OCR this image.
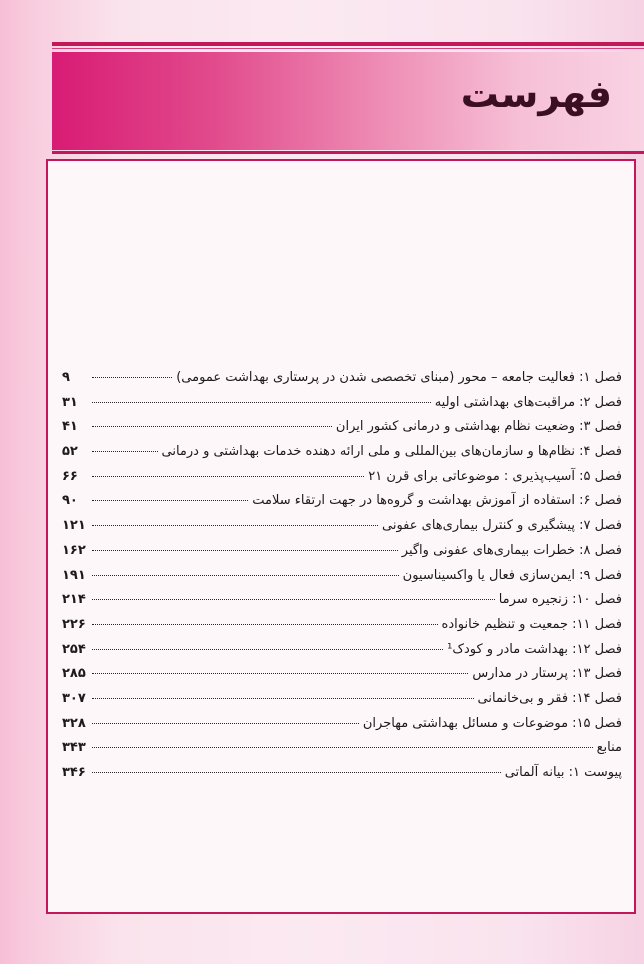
فهرست
فصل ۱: فعالیت جامعه – محور (مبنای تخصصی شدن در پرستاری بهداشت عمومی)
۹
فصل ۲: مراقبت‌های بهداشتی اولیه
۳۱
فصل ۳: وضعیت نظام بهداشتی و درمانی کشور ایران
۴۱
فصل ۴: نظام‌ها و سازمان‌های بین‌المللی و ملی ارائه دهنده خدمات بهداشتی و درمانی
۵۲
فصل ۵: آسیب‌پذیری : موضوعاتی برای قرن ۲۱
۶۶
فصل ۶: استفاده از آموزش بهداشت و گروه‌ها در جهت ارتقاء سلامت
۹۰
فصل ۷: پیشگیری و کنترل بیماری‌های عفونی
۱۲۱
فصل ۸: خطرات بیماری‌های عفونی واگیر
۱۶۲
فصل ۹: ایمن‌سازی فعال یا واکسیناسیون
۱۹۱
فصل ۱۰: زنجیره سرما
۲۱۴
فصل ۱۱: جمعیت و تنظیم خانواده
۲۲۶
فصل ۱۲: بهداشت مادر و کودک¹
۲۵۴
فصل ۱۳: پرستار در مدارس
۲۸۵
فصل ۱۴: فقر و بی‌خانمانی
۳۰۷
فصل ۱۵: موضوعات و مسائل بهداشتی مهاجران
۳۲۸
منابع
۳۴۳
پیوست ۱: بیانه آلماتی
۳۴۶
